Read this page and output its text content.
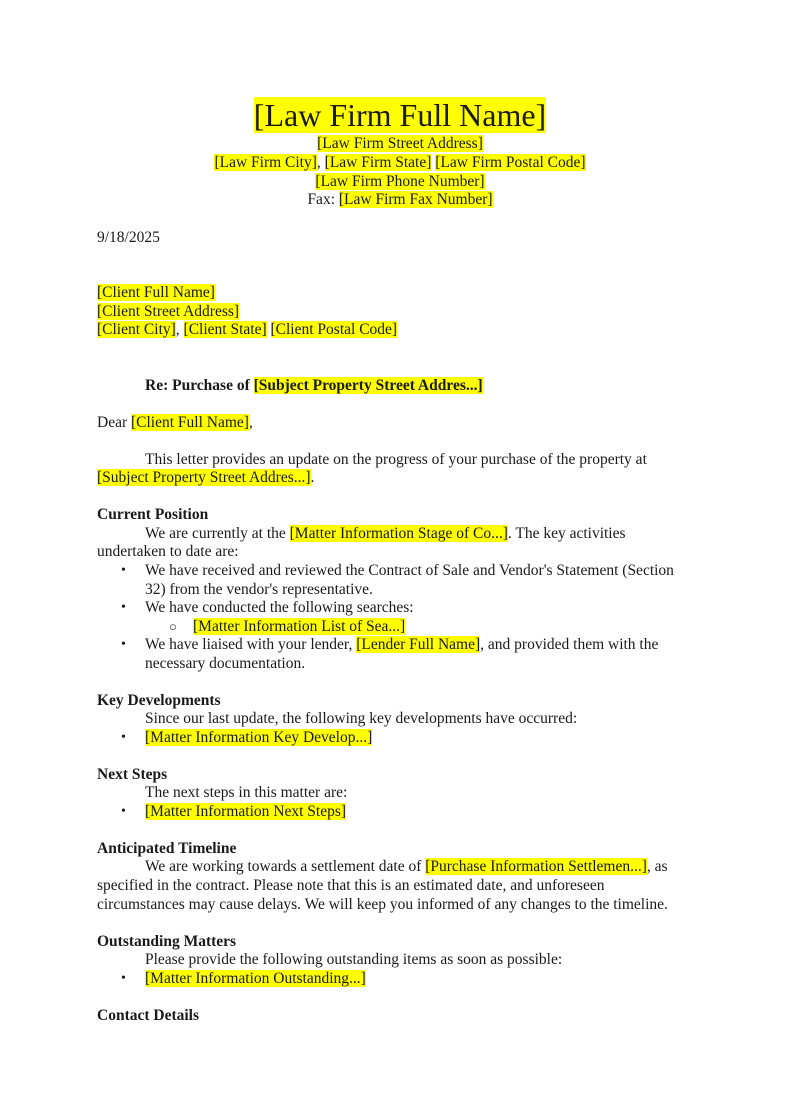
[Law Firm Full Name]
[Law Firm Street Address]
[Law Firm City], [Law Firm State] [Law Firm Postal Code]
[Law Firm Phone Number]
Fax: [Law Firm Fax Number]
9/18/2025
[Client Full Name]
[Client Street Address]
[Client City], [Client State] [Client Postal Code]
Re: Purchase of [Subject Property Street Addres...]
Dear [Client Full Name],
This letter provides an update on the progress of your purchase of the property at
[Subject Property Street Addres...].
Current Position
We are currently at the [Matter Information Stage of Co...]. The key activities
undertaken to date are:
• We have received and reviewed the Contract of Sale and Vendor's Statement (Section
32) from the vendor's representative.
• We have conducted the following searches:
○ [Matter Information List of Sea...]
• We have liaised with your lender, [Lender Full Name], and provided them with the
necessary documentation.
Key Developments
Since our last update, the following key developments have occurred:
• [Matter Information Key Develop...]
Next Steps
The next steps in this matter are:
• [Matter Information Next Steps]
Anticipated Timeline
We are working towards a settlement date of [Purchase Information Settlemen...], as
specified in the contract. Please note that this is an estimated date, and unforeseen
circumstances may cause delays. We will keep you informed of any changes to the timeline.
Outstanding Matters
Please provide the following outstanding items as soon as possible:
• [Matter Information Outstanding...]
Contact Details
